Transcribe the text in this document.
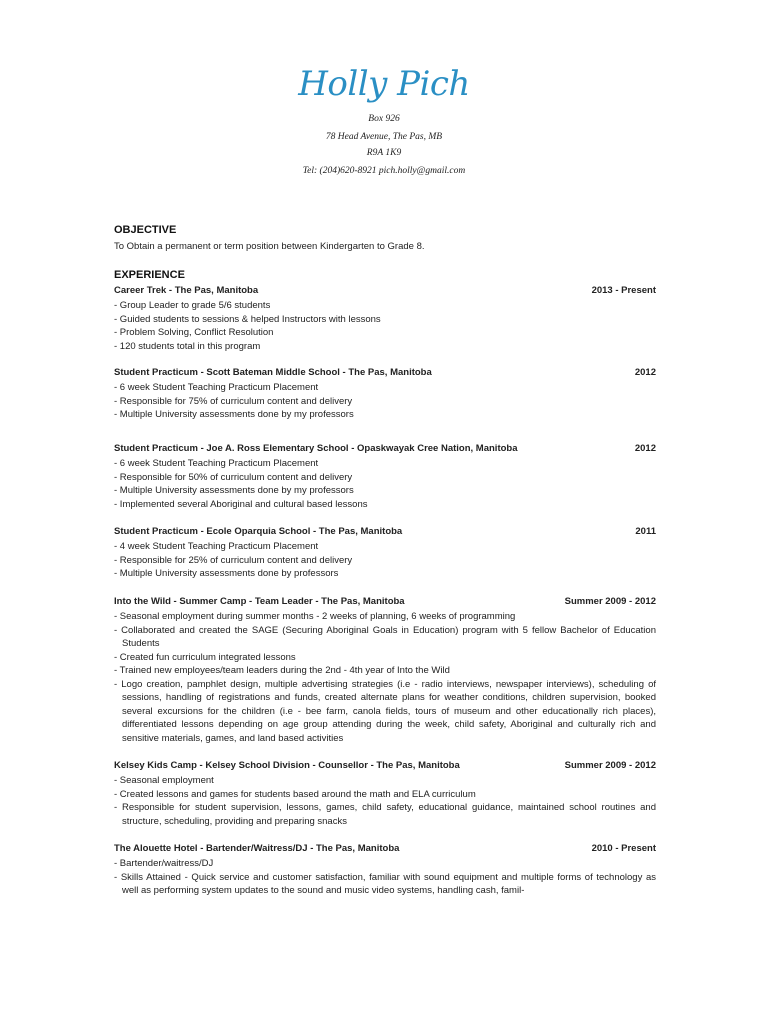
Holly Pich
Box 926
78 Head Avenue, The Pas, MB
R9A 1K9
Tel: (204)620-8921 pich.holly@gmail.com
OBJECTIVE
To Obtain a permanent or term position between Kindergarten to Grade 8.
EXPERIENCE
Career Trek - The Pas, Manitoba	2013 - Present
- Group Leader to grade 5/6 students
- Guided students to sessions & helped Instructors with lessons
- Problem Solving, Conflict Resolution
- 120 students total in this program
Student Practicum - Scott Bateman Middle School - The Pas, Manitoba	2012
- 6 week Student Teaching Practicum Placement
- Responsible for 75% of curriculum content and delivery
- Multiple University assessments done by my professors
Student Practicum - Joe A. Ross Elementary School - Opaskwayak Cree Nation, Manitoba	2012
- 6 week Student Teaching Practicum Placement
- Responsible for 50% of curriculum content and delivery
- Multiple University assessments done by my professors
- Implemented several Aboriginal and cultural based lessons
Student Practicum - Ecole Oparquia School - The Pas, Manitoba	2011
- 4 week Student Teaching Practicum Placement
- Responsible for 25% of curriculum content and delivery
- Multiple University assessments done by professors
Into the Wild - Summer Camp - Team Leader - The Pas, Manitoba	Summer 2009 - 2012
- Seasonal employment during summer months - 2 weeks of planning, 6 weeks of programming
- Collaborated and created the SAGE (Securing Aboriginal Goals in Education) program with 5 fellow Bachelor of Education Students
- Created fun curriculum integrated lessons
- Trained new employees/team leaders during the 2nd - 4th year of Into the Wild
- Logo creation, pamphlet design, multiple advertising strategies (i.e - radio interviews, newspaper interviews), scheduling of sessions, handling of registrations and funds, created alternate plans for weather conditions, children supervision, booked several excursions for the children (i.e - bee farm, canola fields, tours of museum and other educationally rich places), differentiated lessons depending on age group attending during the week, child safety, Aboriginal and culturally rich and sensitive materials, games, and land based activities
Kelsey Kids Camp - Kelsey School Division - Counsellor - The Pas, Manitoba	Summer 2009 - 2012
- Seasonal employment
- Created lessons and games for students based around the math and ELA curriculum
- Responsible for student supervision, lessons, games, child safety, educational guidance, maintained school routines and structure, scheduling, providing and preparing snacks
The Alouette Hotel - Bartender/Waitress/DJ - The Pas, Manitoba	2010 - Present
- Bartender/waitress/DJ
- Skills Attained - Quick service and customer satisfaction, familiar with sound equipment and multiple forms of technology as well as performing system updates to the sound and music video systems, handling cash, famil-
